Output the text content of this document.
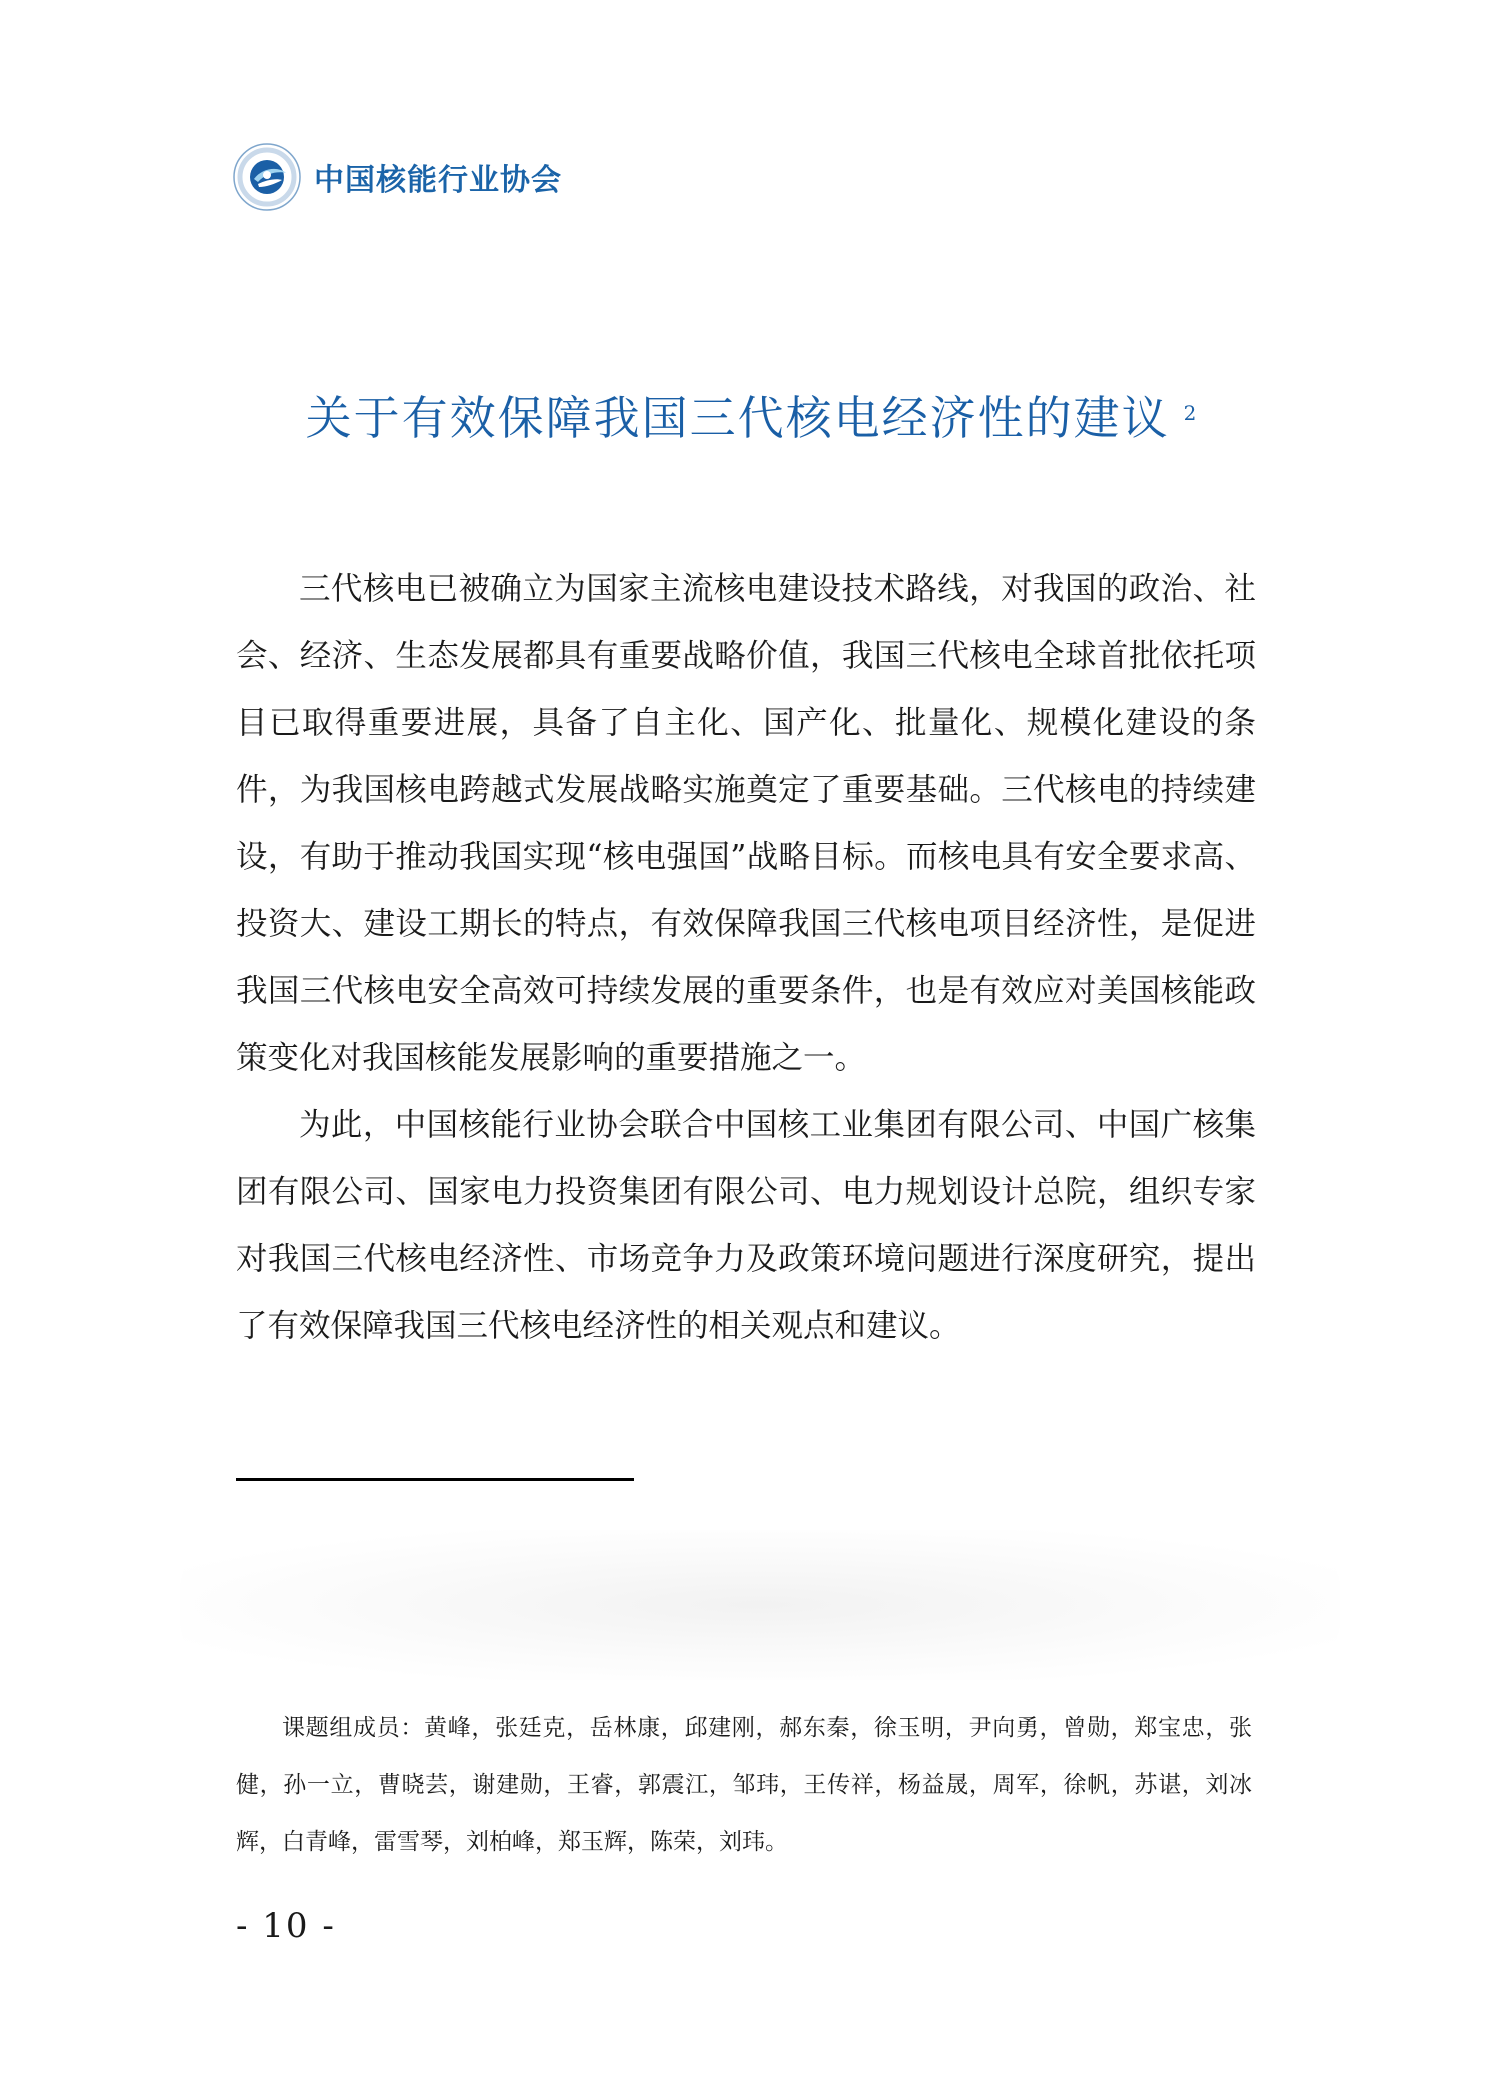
中国核能行业协会
关于有效保障我国三代核电经济性的建议 $^2$

三代核电已被确立为国家主流核电建设技术路线，对我国的政治、社会、经济、生态发展都具有重要战略价值，我国三代核电全球首批依托项目已取得重要进展，具备了自主化、国产化、批量化、规模化建设的条件，为我国核电跨越式发展战略实施奠定了重要基础。三代核电的持续建设，有助于推动我国实现“核电强国”战略目标。而核电具有安全要求高、投资大、建设工期长的特点，有效保障我国三代核电项目经济性，是促进我国三代核电安全高效可持续发展的重要条件，也是有效应对美国核能政策变化对我国核能发展影响的重要措施之一。

为此，中国核能行业协会联合中国核工业集团有限公司、中国广核集团有限公司、国家电力投资集团有限公司、电力规划设计总院，组织专家对我国三代核电经济性、市场竞争力及政策环境问题进行深度研究，提出了有效保障我国三代核电经济性的相关观点和建议。

课题组成员：黄峰，张廷克，岳林康，邱建刚，郝东秦，徐玉明，尹向勇，曾勋，郑宝忠，张健，孙一立，曹晓芸，谢建勋，王睿，郭震江，邹玮，王传祥，杨益晟，周军，徐帆，苏谌，刘冰辉，白青峰，雷雪琴，刘柏峰，郑玉辉，陈荣，刘玮。

- 10 -
